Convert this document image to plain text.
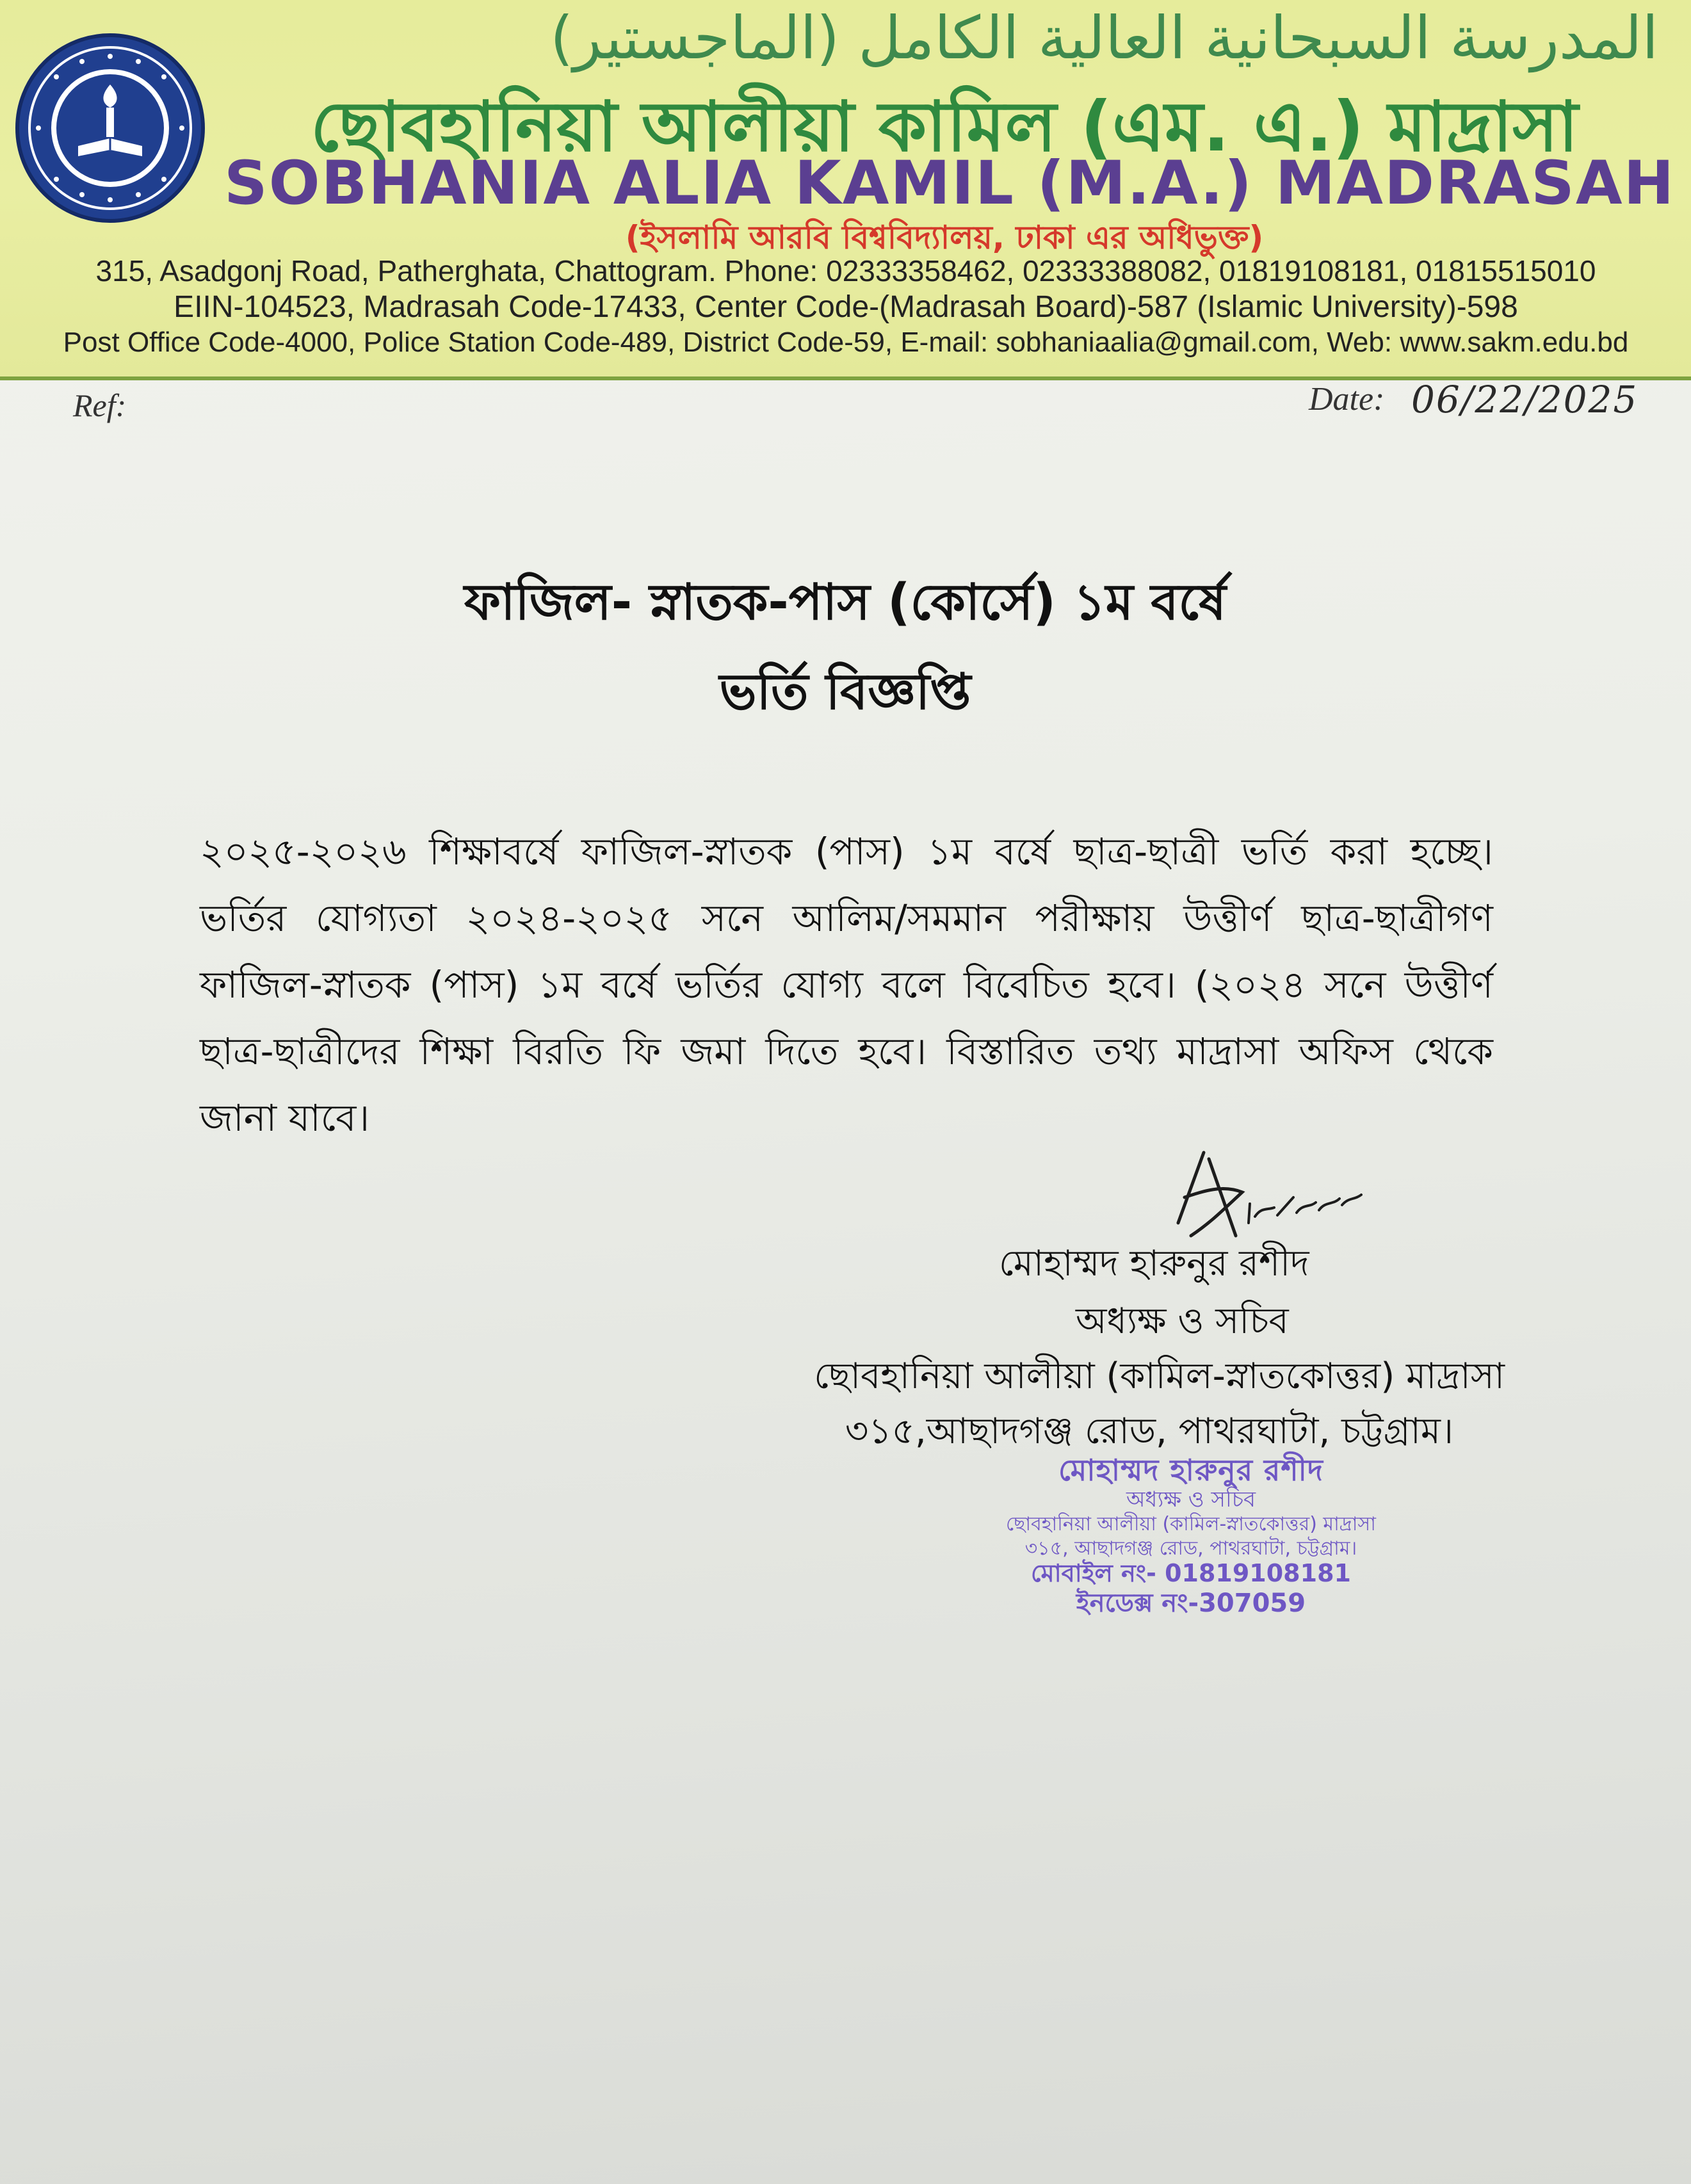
المدرسة السبحانية العالية الكامل (الماجستير)
ছোবহানিয়া আলীয়া কামিল (এম. এ.) মাদ্রাসা
SOBHANIA ALIA KAMIL (M.A.) MADRASAH
(ইসলামি আরবি বিশ্ববিদ্যালয়, ঢাকা এর অধিভুক্ত)
315, Asadgonj Road, Patherghata, Chattogram. Phone: 02333358462, 02333388082, 01819108181, 01815515010
EIIN-104523, Madrasah Code-17433, Center Code-(Madrasah Board)-587 (Islamic University)-598
Post Office Code-4000, Police Station Code-489, District Code-59, E-mail: sobhaniaalia@gmail.com, Web: www.sakm.edu.bd
Ref:	Date: 06/22/2025
ফাজিল- স্নাতক-পাস (কোর্সে) ১ম বর্ষে
ভর্তি বিজ্ঞপ্তি
২০২৫-২০২৬ শিক্ষাবর্ষে ফাজিল-স্নাতক (পাস) ১ম বর্ষে ছাত্র-ছাত্রী ভর্তি করা হচ্ছে।
ভর্তির যোগ্যতা ২০২৪-২০২৫ সনে আলিম/সমমান পরীক্ষায় উত্তীর্ণ ছাত্র-ছাত্রীগণ
ফাজিল-স্নাতক (পাস) ১ম বর্ষে ভর্তির যোগ্য বলে বিবেচিত হবে। (২০২৪ সনে উত্তীর্ণ
ছাত্র-ছাত্রীদের শিক্ষা বিরতি ফি জমা দিতে হবে। বিস্তারিত তথ্য মাদ্রাসা অফিস থেকে
জানা যাবে।
মোহাম্মদ হারুনুর রশীদ
অধ্যক্ষ ও সচিব
ছোবহানিয়া আলীয়া (কামিল-স্নাতকোত্তর) মাদ্রাসা
৩১৫,আছাদগঞ্জ রোড, পাথরঘাটা, চট্টগ্রাম।
মোহাম্মদ হারুনুর রশীদ
অধ্যক্ষ ও সচিব
ছোবহানিয়া আলীয়া (কামিল-স্নাতকোত্তর) মাদ্রাসা
৩১৫, আছাদগঞ্জ রোড, পাথরঘাটা, চট্টগ্রাম।
মোবাইল নং- 01819108181
ইনডেক্স নং-307059
